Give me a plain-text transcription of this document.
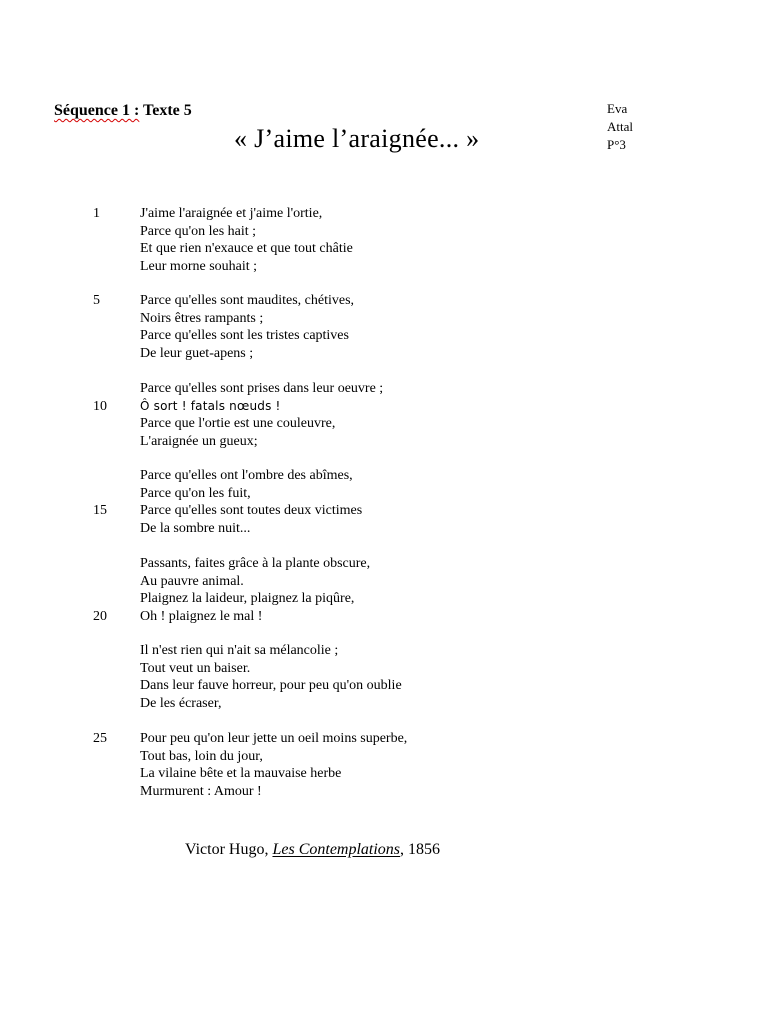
Séquence 1 : Texte 5
« J’aime l’araignée... »
Eva
Attal
P°3
1	J'aime l'araignée et j'aime l'ortie,
Parce qu'on les hait ;
Et que rien n'exauce et que tout châtie
Leur morne souhait ;
5	Parce qu'elles sont maudites, chétives,
Noirs êtres rampants ;
Parce qu'elles sont les tristes captives
De leur guet-apens ;
Parce qu'elles sont prises dans leur oeuvre ;
10	Ô sort ! fatals nœuds !
Parce que l'ortie est une couleuvre,
L'araignée un gueux;
Parce qu'elles ont l'ombre des abîmes,
Parce qu'on les fuit,
15 Parce qu'elles sont toutes deux victimes
De la sombre nuit...
Passants, faites grâce à la plante obscure,
Au pauvre animal.
Plaignez la laideur, plaignez la piqûre,
20 Oh ! plaignez le mal !
Il n'est rien qui n'ait sa mélancolie ;
Tout veut un baiser.
Dans leur fauve horreur, pour peu qu'on oublie
De les écraser,
25 Pour peu qu'on leur jette un oeil moins superbe,
Tout bas, loin du jour,
La vilaine bête et la mauvaise herbe
Murmurent : Amour !
Victor Hugo, Les Contemplations, 1856
